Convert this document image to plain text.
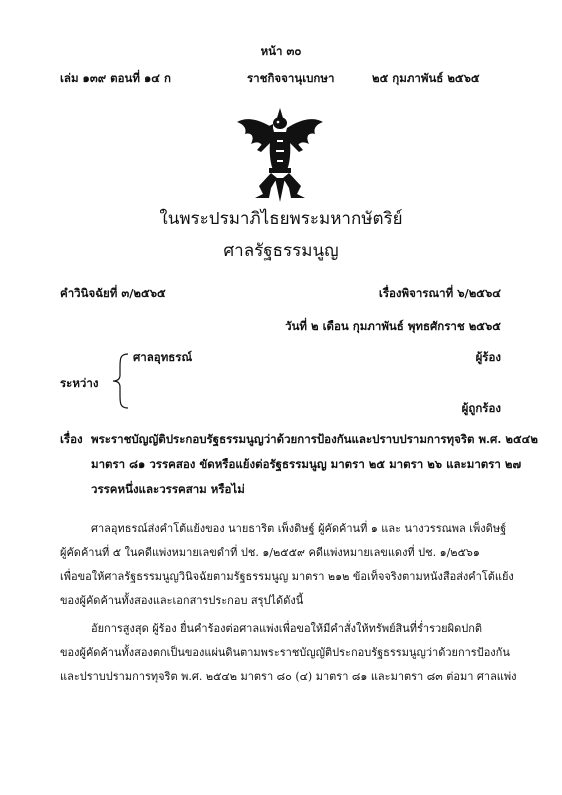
หน้า ๓๐
เล่ม ๑๓๙ ตอนที่ ๑๔ ก	ราชกิจจานุเบกษา	๒๕ กุมภาพันธ์ ๒๕๖๕
ในพระปรมาภิไธยพระมหากษัตริย์
ศาลรัฐธรรมนูญ
คำวินิจฉัยที่ ๓/๒๕๖๕	เรื่องพิจารณาที่ ๖/๒๕๖๔
วันที่ ๒ เดือน กุมภาพันธ์ พุทธศักราช ๒๕๖๕
ระหว่าง
ศาลอุทธรณ์	ผู้ร้อง
ผู้ถูกร้อง
เรื่อง พระราชบัญญัติประกอบรัฐธรรมนูญว่าด้วยการป้องกันและปราบปรามการทุจริต พ.ศ. ๒๕๔๒
มาตรา ๘๑ วรรคสอง ขัดหรือแย้งต่อรัฐธรรมนูญ มาตรา ๒๕ มาตรา ๒๖ และมาตรา ๒๗
วรรคหนึ่งและวรรคสาม หรือไม่
ศาลอุทธรณ์ส่งคำโต้แย้งของ นายธาริต เพ็งดิษฐ์ ผู้คัดค้านที่ ๑ และ นางวรรณพล เพ็งดิษฐ์
ผู้คัดค้านที่ ๕ ในคดีแพ่งหมายเลขดำที่ ปช. ๑/๒๕๕๙ คดีแพ่งหมายเลขแดงที่ ปช. ๑/๒๕๖๑
เพื่อขอให้ศาลรัฐธรรมนูญวินิจฉัยตามรัฐธรรมนูญ มาตรา ๒๑๒ ข้อเท็จจริงตามหนังสือส่งคำโต้แย้ง
ของผู้คัดค้านทั้งสองและเอกสารประกอบ สรุปได้ดังนี้
อัยการสูงสุด ผู้ร้อง ยื่นคำร้องต่อศาลแพ่งเพื่อขอให้มีคำสั่งให้ทรัพย์สินที่ร่ำรวยผิดปกติ
ของผู้คัดค้านทั้งสองตกเป็นของแผ่นดินตามพระราชบัญญัติประกอบรัฐธรรมนูญว่าด้วยการป้องกัน
และปราบปรามการทุจริต พ.ศ. ๒๕๔๒ มาตรา ๘๐ (๔) มาตรา ๘๑ และมาตรา ๘๓ ต่อมา ศาลแพ่ง
